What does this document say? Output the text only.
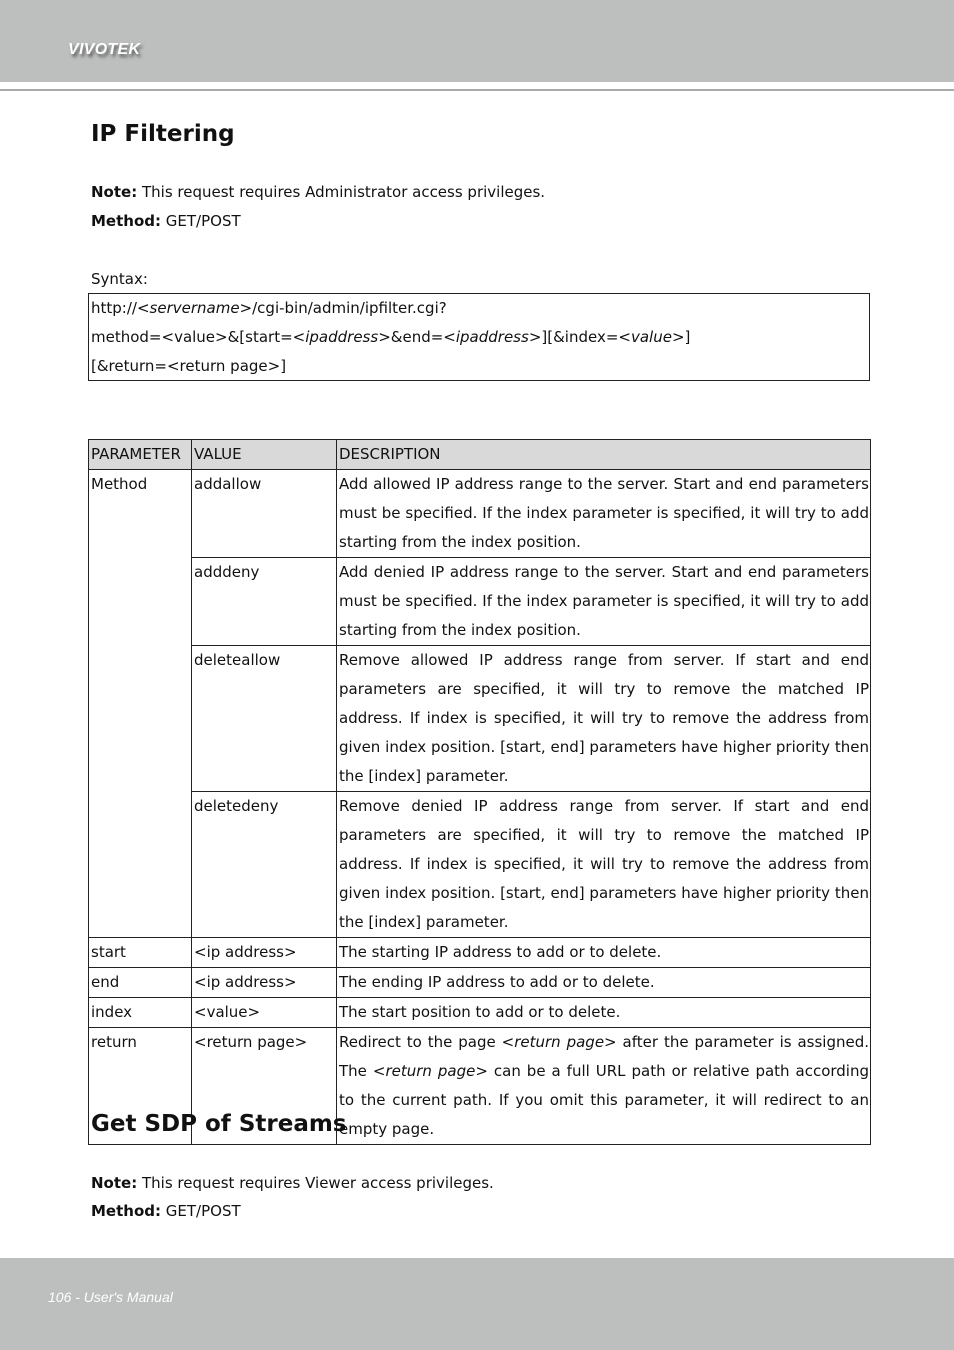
VIVOTEK
IP Filtering
Note: This request requires Administrator access privileges.
Method: GET/POST
Syntax:
http://<servername>/cgi-bin/admin/ipfilter.cgi?
method=<value>&[start=<ipaddress>&end=<ipaddress>][&index=<value>]
[&return=<return page>]
PARAMETER	VALUE	DESCRIPTION
Method	addallow	Add allowed IP address range to the server. Start and end parameters must be specified. If the index parameter is specified, it will try to add starting from the index position.
	adddeny	Add denied IP address range to the server. Start and end parameters must be specified. If the index parameter is specified, it will try to add starting from the index position.
	deleteallow	Remove allowed IP address range from server. If start and end parameters are specified, it will try to remove the matched IP address. If index is specified, it will try to remove the address from given index position. [start, end] parameters have higher priority then the [index] parameter.
	deletedeny	Remove denied IP address range from server. If start and end parameters are specified, it will try to remove the matched IP address. If index is specified, it will try to remove the address from given index position. [start, end] parameters have higher priority then the [index] parameter.
start	<ip address>	The starting IP address to add or to delete.
end	<ip address>	The ending IP address to add or to delete.
index	<value>	The start position to add or to delete.
return	<return page>	Redirect to the page <return page> after the parameter is assigned. The <return page> can be a full URL path or relative path according to the current path. If you omit this parameter, it will redirect to an empty page.
Get SDP of Streams
Note: This request requires Viewer access privileges.
Method: GET/POST
106 - User's Manual
